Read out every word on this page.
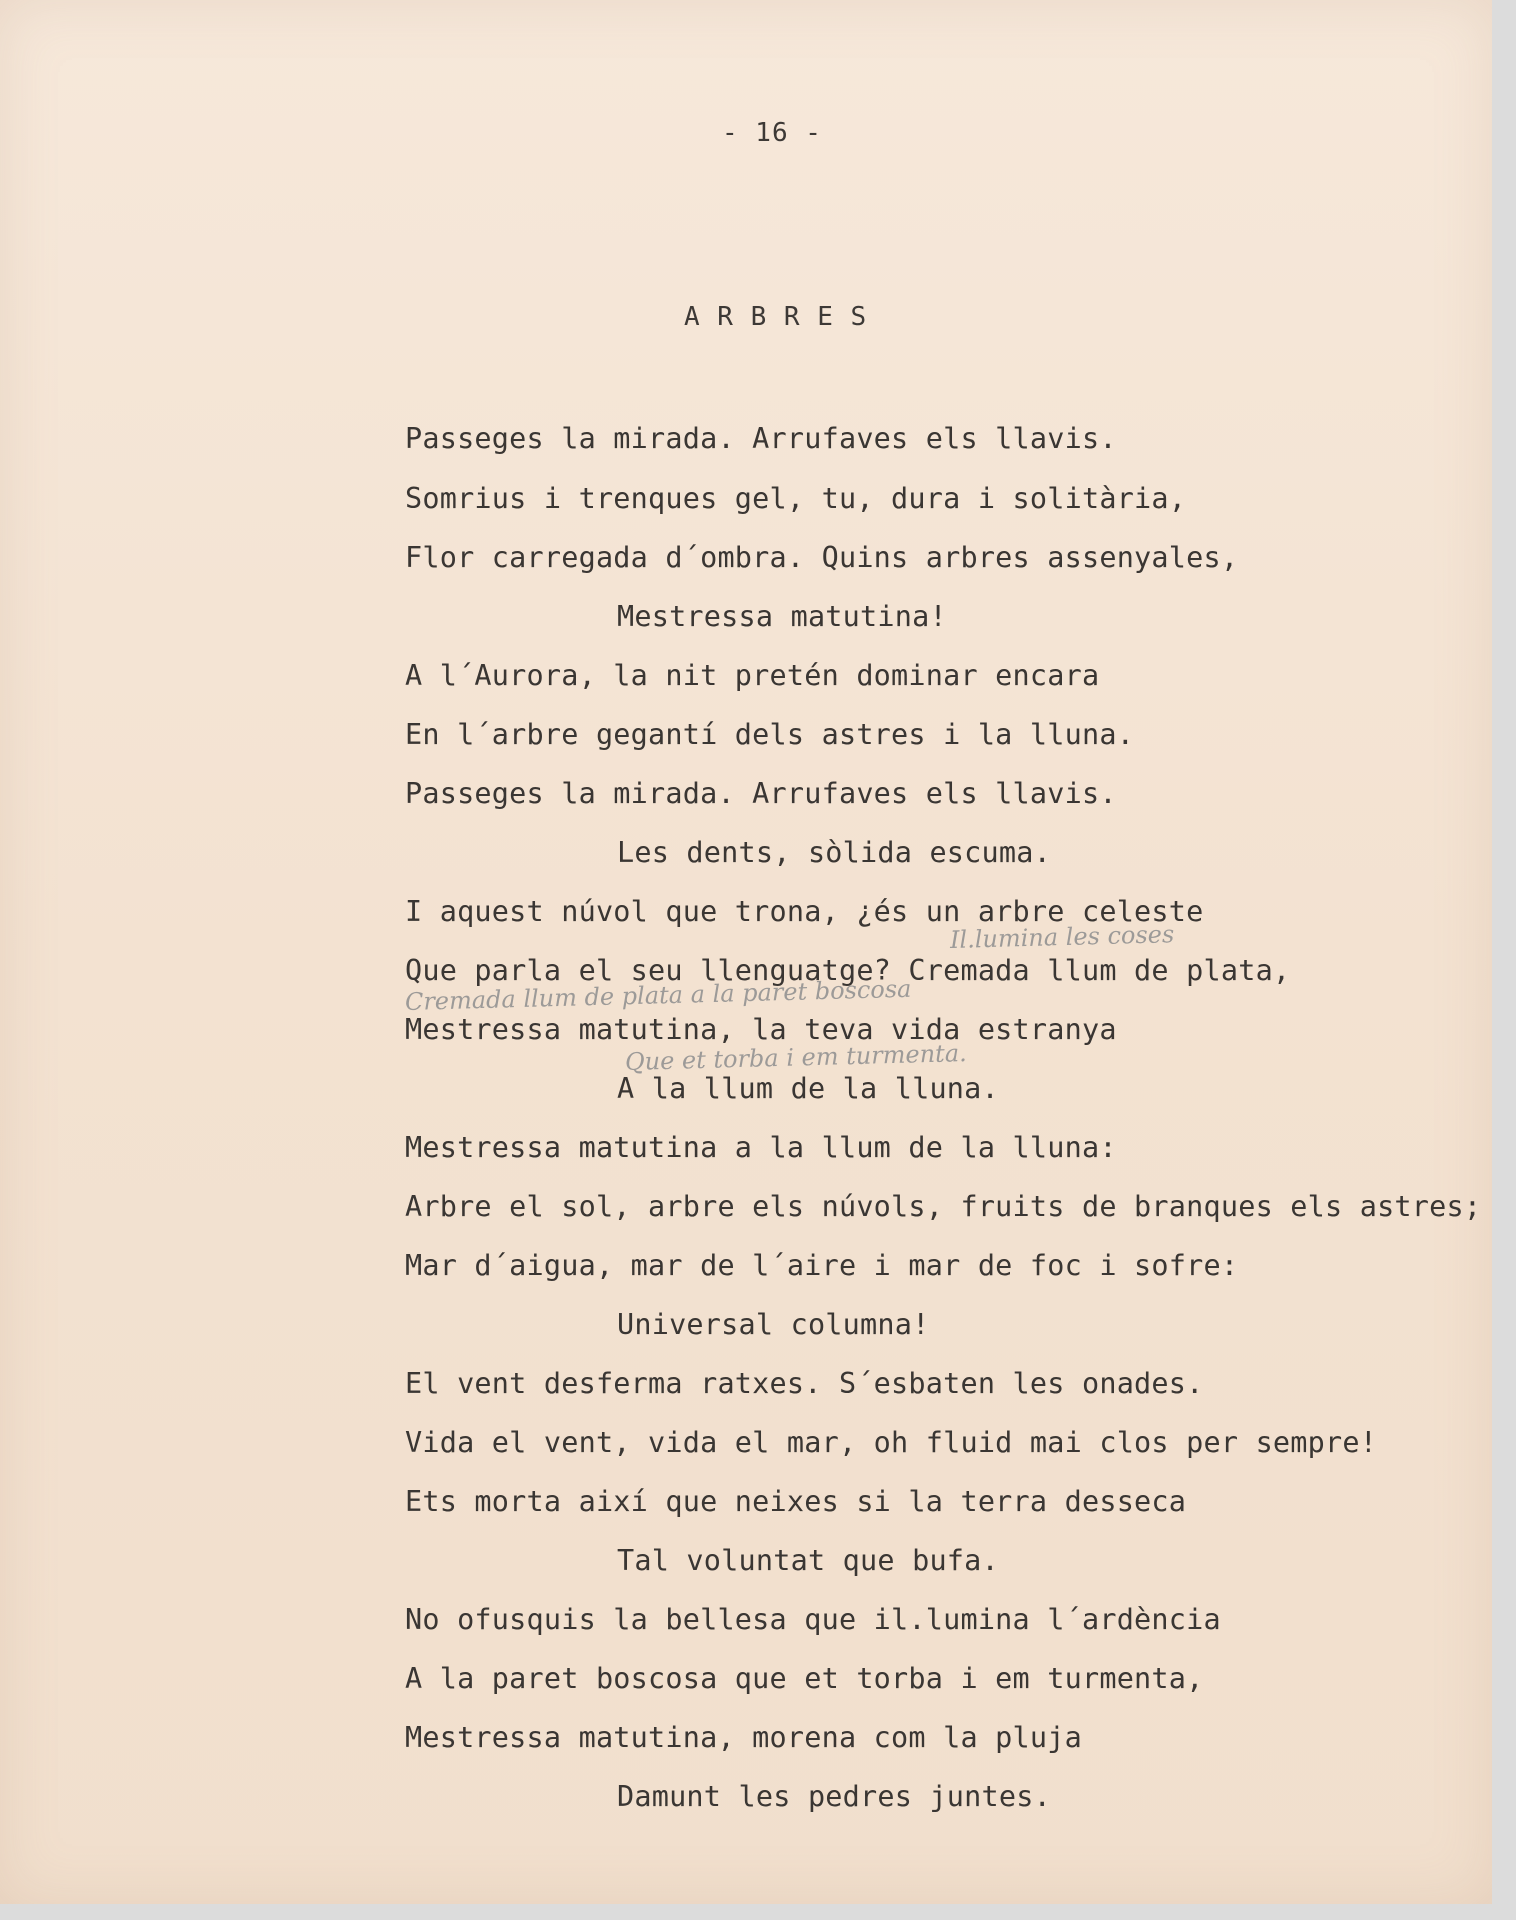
- 16 -
A R B R E S
Passeges la mirada. Arrufaves els llavis.
Somrius i trenques gel, tu, dura i solitària,
Flor carregada d´ombra. Quins arbres assenyales,
Mestressa matutina!
A l´Aurora, la nit pretén dominar encara
En l´arbre gegantí dels astres i la lluna.
Passeges la mirada. Arrufaves els llavis.
Les dents, sòlida escuma.
I aquest núvol que trona, ¿és un arbre celeste
Que parla el seu llenguatge? Cremada llum de plata,
Mestressa matutina, la teva vida estranya
A la llum de la lluna.
Mestressa matutina a la llum de la lluna:
Arbre el sol, arbre els núvols, fruits de branques els astres;
Mar d´aigua, mar de l´aire i mar de foc i sofre:
Universal columna!
El vent desferma ratxes. S´esbaten les onades.
Vida el vent, vida el mar, oh fluid mai clos per sempre!
Ets morta així que neixes si la terra desseca
Tal voluntat que bufa.
No ofusquis la bellesa que il.lumina l´ardència
A la paret boscosa que et torba i em turmenta,
Mestressa matutina, morena com la pluja
Damunt les pedres juntes.
Il.lumina les coses
Cremada llum de plata a la paret boscosa
Que et torba i em turmenta.
